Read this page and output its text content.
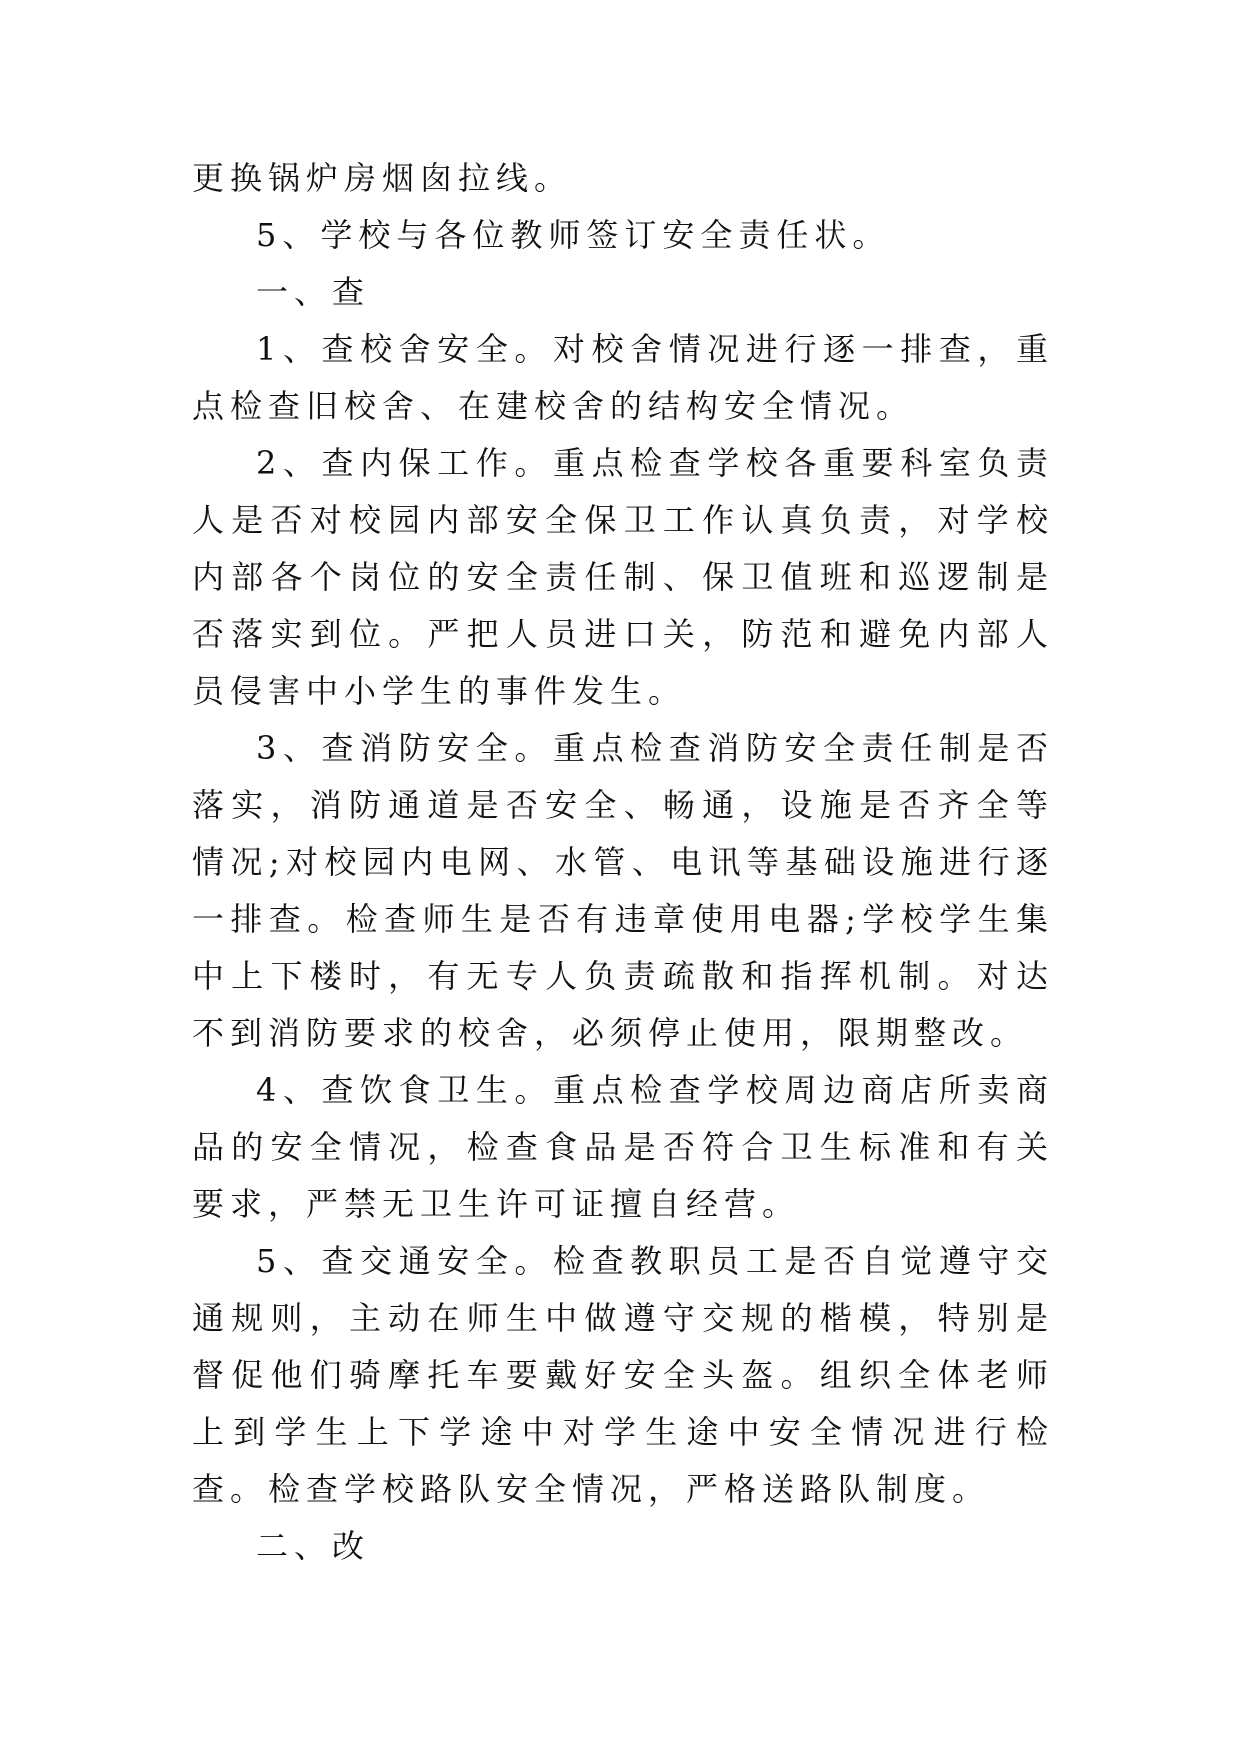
更换锅炉房烟囱拉线。

5、学校与各位教师签订安全责任状。

一、查

1、查校舍安全。对校舍情况进行逐一排查，重点检查旧校舍、在建校舍的结构安全情况。

2、查内保工作。重点检查学校各重要科室负责人是否对校园内部安全保卫工作认真负责，对学校内部各个岗位的安全责任制、保卫值班和巡逻制是否落实到位。严把人员进口关，防范和避免内部人员侵害中小学生的事件发生。

3、查消防安全。重点检查消防安全责任制是否落实，消防通道是否安全、畅通，设施是否齐全等情况;对校园内电网、水管、电讯等基础设施进行逐一排查。检查师生是否有违章使用电器;学校学生集中上下楼时，有无专人负责疏散和指挥机制。对达不到消防要求的校舍，必须停止使用，限期整改。

4、查饮食卫生。重点检查学校周边商店所卖商品的安全情况，检查食品是否符合卫生标准和有关要求，严禁无卫生许可证擅自经营。

5、查交通安全。检查教职员工是否自觉遵守交通规则，主动在师生中做遵守交规的楷模，特别是督促他们骑摩托车要戴好安全头盔。组织全体老师上到学生上下学途中对学生途中安全情况进行检查。检查学校路队安全情况，严格送路队制度。

二、改
